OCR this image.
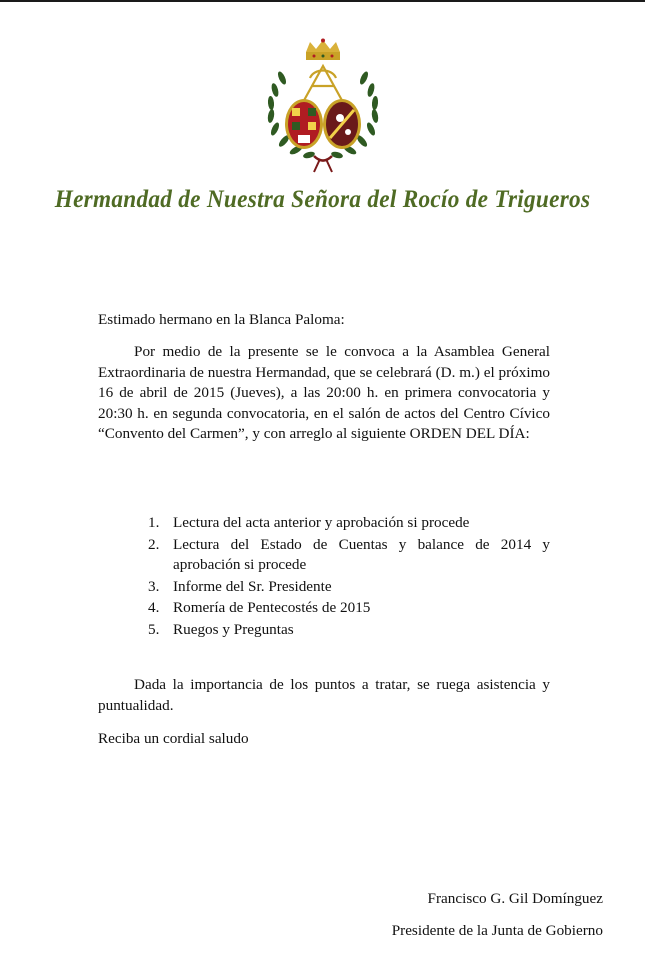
Hermandad de Nuestra Señora del Rocío de Trigueros
Estimado hermano en la Blanca Paloma:
Por medio de la presente se le convoca a la Asamblea General Extraordinaria de nuestra Hermandad, que se celebrará (D. m.) el próximo 16 de abril de 2015 (Jueves), a las 20:00 h. en primera convocatoria y 20:30 h. en segunda convocatoria, en el salón de actos del Centro Cívico “Convento del Carmen”, y con arreglo al siguiente ORDEN DEL DÍA:
1. Lectura del acta anterior y aprobación si procede
2. Lectura del Estado de Cuentas y balance de 2014 y aprobación si procede
3. Informe del Sr. Presidente
4. Romería de Pentecostés de 2015
5. Ruegos y Preguntas
Dada la importancia de los puntos a tratar, se ruega asistencia y puntualidad.
Reciba un cordial saludo
Francisco G. Gil Domínguez
Presidente de la Junta de Gobierno
